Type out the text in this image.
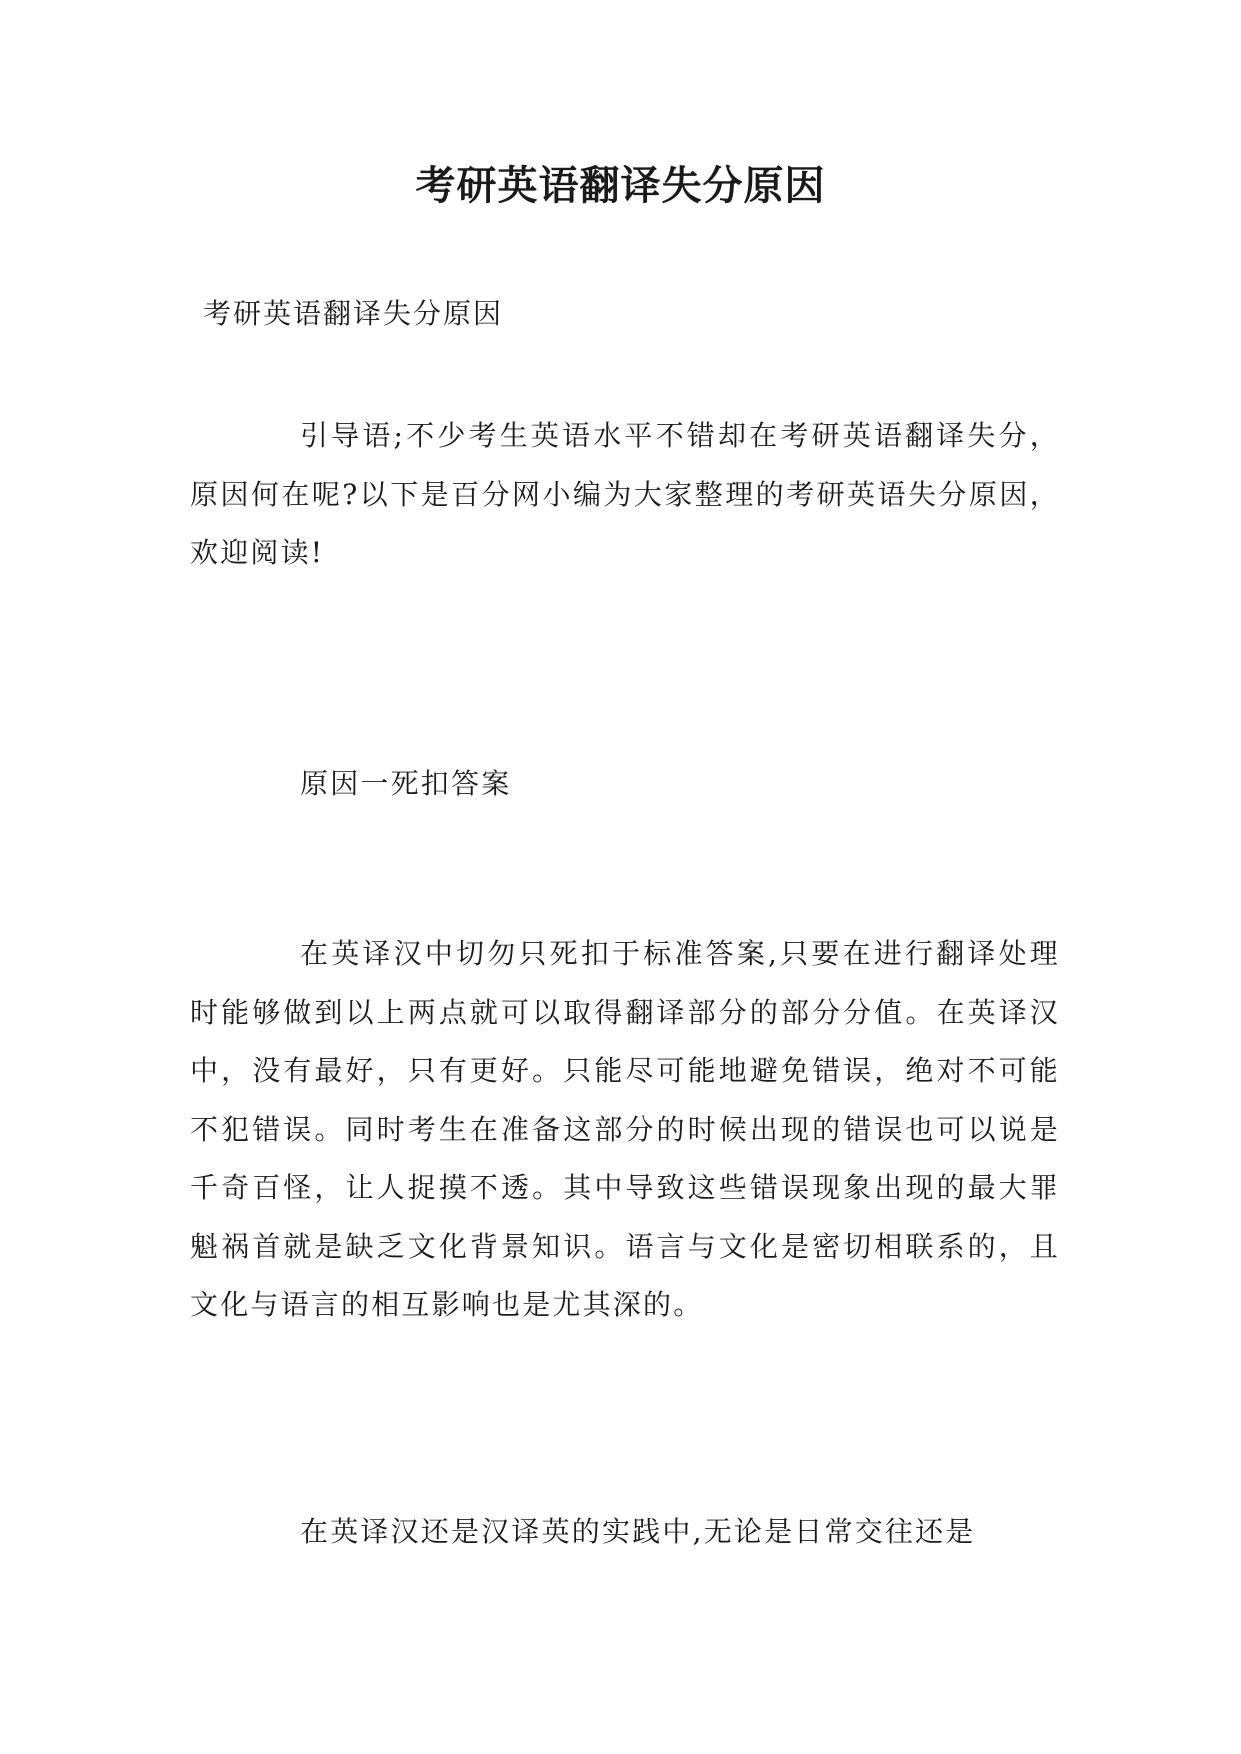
考研英语翻译失分原因

考研英语翻译失分原因

引导语;不少考生英语水平不错却在考研英语翻译失分，原因何在呢?以下是百分网小编为大家整理的考研英语失分原因，欢迎阅读!

原因一死扣答案

在英译汉中切勿只死扣于标准答案,只要在进行翻译处理时能够做到以上两点就可以取得翻译部分的部分分值。在英译汉中，没有最好，只有更好。只能尽可能地避免错误，绝对不可能不犯错误。同时考生在准备这部分的时候出现的错误也可以说是千奇百怪，让人捉摸不透。其中导致这些错误现象出现的最大罪魁祸首就是缺乏文化背景知识。语言与文化是密切相联系的，且文化与语言的相互影响也是尤其深的。

在英译汉还是汉译英的实践中,无论是日常交往还是
